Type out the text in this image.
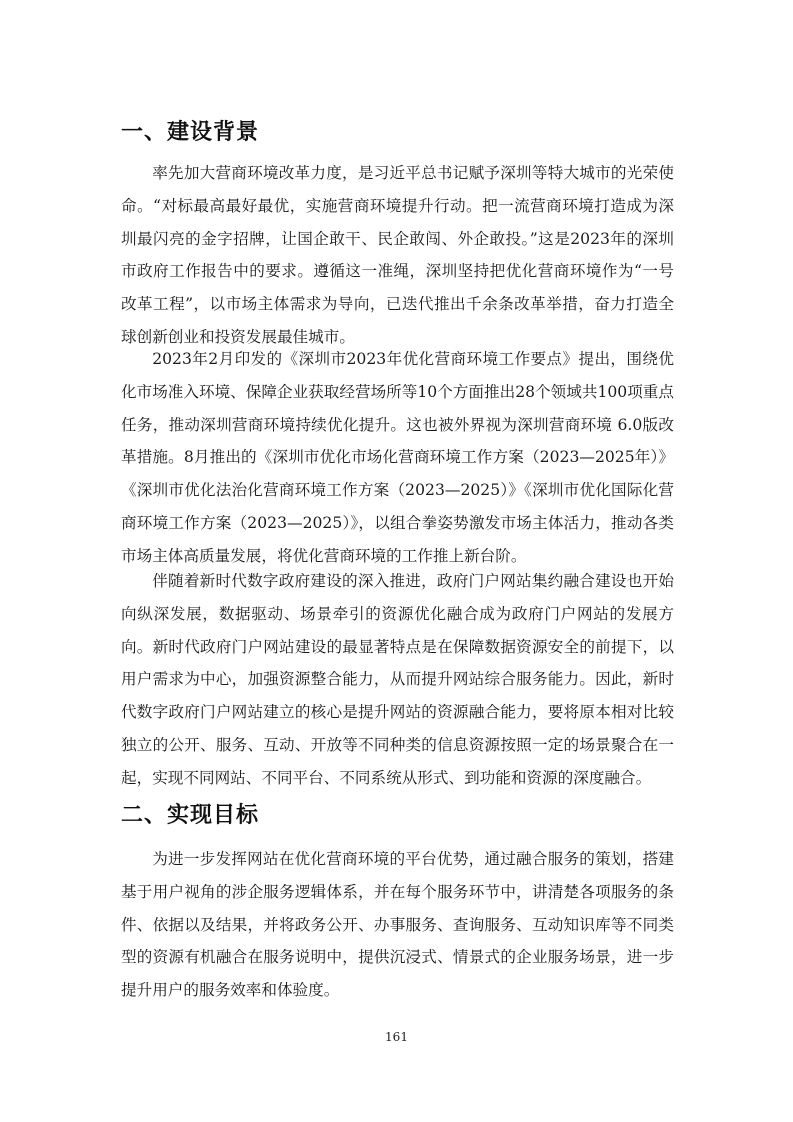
一、建设背景

率先加大营商环境改革力度，是习近平总书记赋予深圳等特大城市的光荣使命。“对标最高最好最优，实施营商环境提升行动。把一流营商环境打造成为深圳最闪亮的金字招牌，让国企敢干、民企敢闯、外企敢投。”这是2023年的深圳市政府工作报告中的要求。遵循这一准绳，深圳坚持把优化营商环境作为“一号改革工程”，以市场主体需求为导向，已迭代推出千余条改革举措，奋力打造全球创新创业和投资发展最佳城市。

2023年2月印发的《深圳市2023年优化营商环境工作要点》提出，围绕优化市场准入环境、保障企业获取经营场所等10个方面推出28个领域共100项重点任务，推动深圳营商环境持续优化提升。这也被外界视为深圳营商环境 6.0版改革措施。8月推出的《深圳市优化市场化营商环境工作方案（2023—2025年）》《深圳市优化法治化营商环境工作方案（2023—2025）》《深圳市优化国际化营商环境工作方案（2023—2025）》，以组合拳姿势激发市场主体活力，推动各类市场主体高质量发展，将优化营商环境的工作推上新台阶。

伴随着新时代数字政府建设的深入推进，政府门户网站集约融合建设也开始向纵深发展，数据驱动、场景牵引的资源优化融合成为政府门户网站的发展方向。新时代政府门户网站建设的最显著特点是在保障数据资源安全的前提下，以用户需求为中心，加强资源整合能力，从而提升网站综合服务能力。因此，新时代数字政府门户网站建立的核心是提升网站的资源融合能力，要将原本相对比较独立的公开、服务、互动、开放等不同种类的信息资源按照一定的场景聚合在一起，实现不同网站、不同平台、不同系统从形式、到功能和资源的深度融合。

二、实现目标

为进一步发挥网站在优化营商环境的平台优势，通过融合服务的策划，搭建基于用户视角的涉企服务逻辑体系，并在每个服务环节中，讲清楚各项服务的条件、依据以及结果，并将政务公开、办事服务、查询服务、互动知识库等不同类型的资源有机融合在服务说明中，提供沉浸式、情景式的企业服务场景，进一步提升用户的服务效率和体验度。

161
